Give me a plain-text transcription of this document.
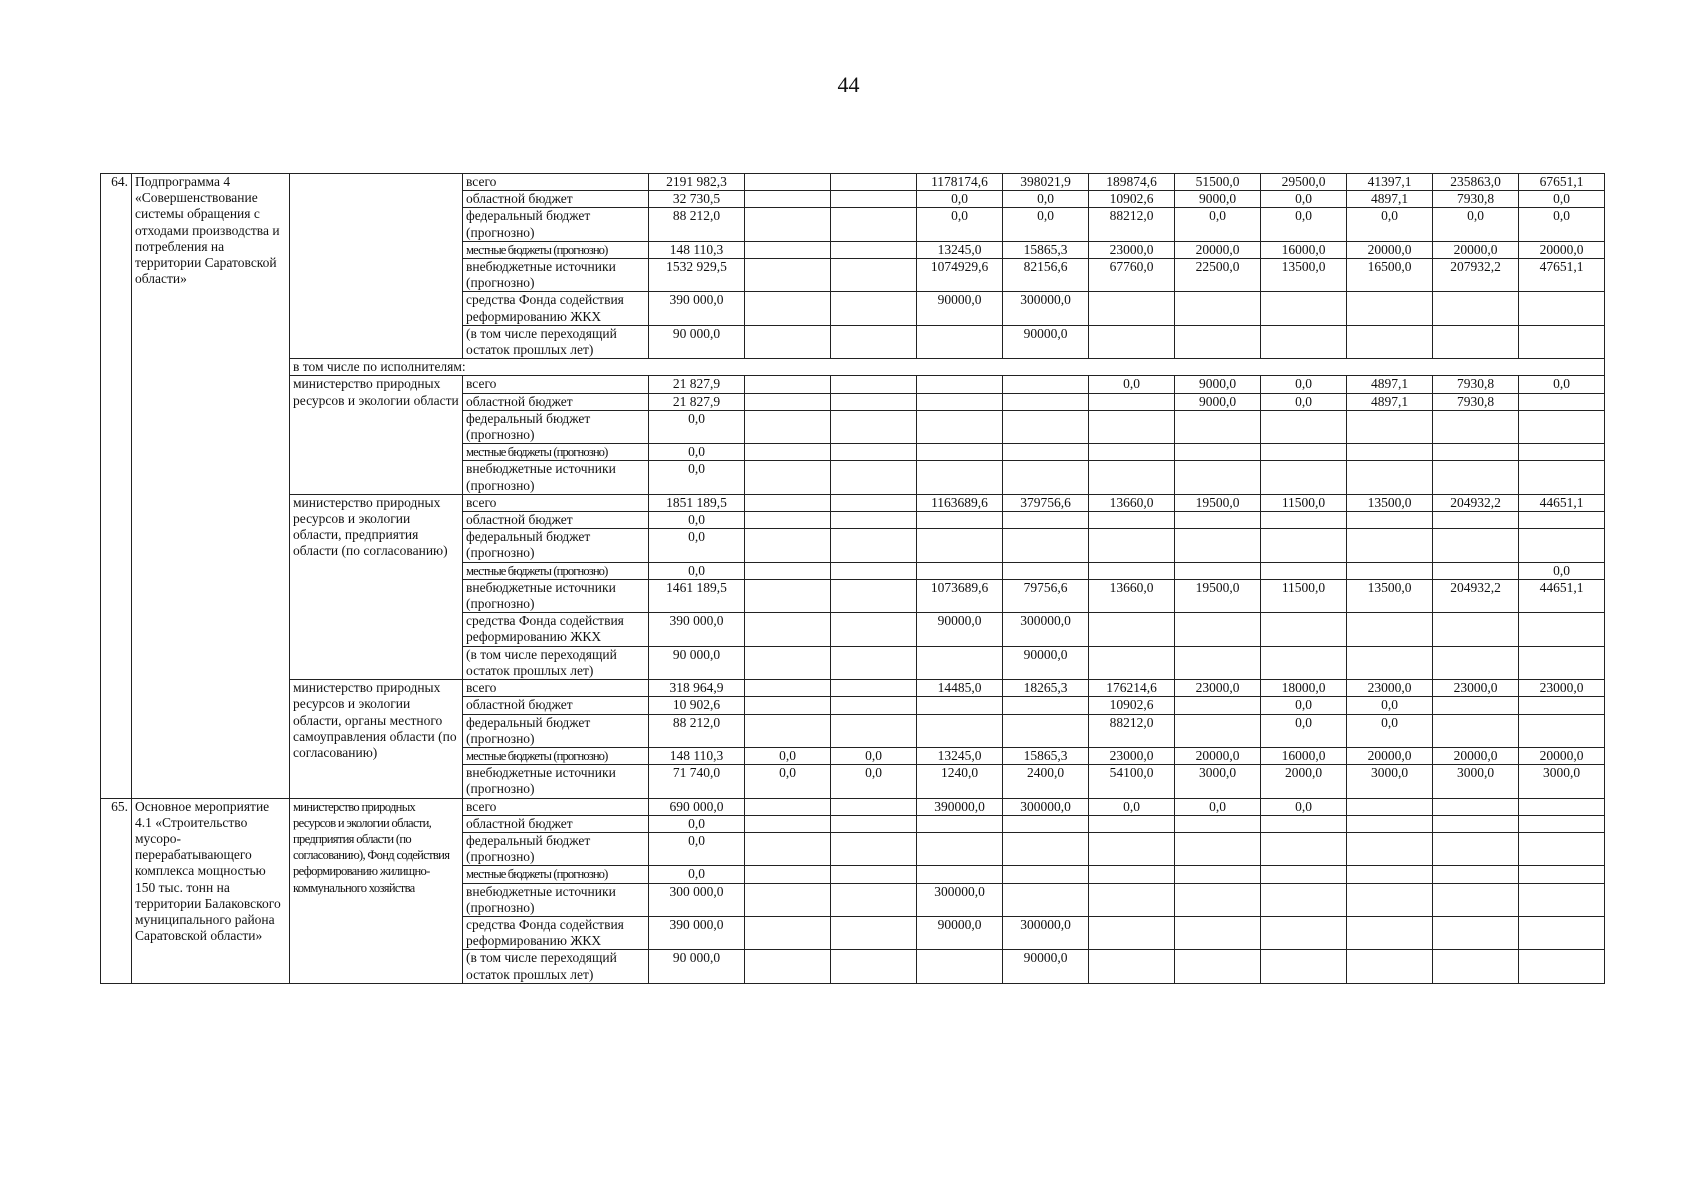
44
64.	Подпрограмма 4 «Совершенствование системы обращения с отходами производства и потребления на территории Саратовской области»		всего	2191 982,3			1178174,6	398021,9	189874,6	51500,0	29500,0	41397,1	235863,0	67651,1
			областной бюджет	32 730,5			0,0	0,0	10902,6	9000,0	0,0	4897,1	7930,8	0,0
			федеральный бюджет (прогнозно)	88 212,0			0,0	0,0	88212,0	0,0	0,0	0,0	0,0	0,0
			местные бюджеты (прогнозно)	148 110,3			13245,0	15865,3	23000,0	20000,0	16000,0	20000,0	20000,0	20000,0
			внебюджетные источники (прогнозно)	1532 929,5			1074929,6	82156,6	67760,0	22500,0	13500,0	16500,0	207932,2	47651,1
			средства Фонда содействия реформированию ЖКХ	390 000,0			90000,0	300000,0						
			(в том числе переходящий остаток прошлых лет)	90 000,0				90000,0						
		в том числе по исполнителям:												
		министерство природных ресурсов и экологии области	всего	21 827,9					0,0	9000,0	0,0	4897,1	7930,8	0,0
			областной бюджет	21 827,9						9000,0	0,0	4897,1	7930,8	
			федеральный бюджет (прогнозно)	0,0										
			местные бюджеты (прогнозно)	0,0										
			внебюджетные источники (прогнозно)	0,0										
		министерство природных ресурсов и экологии области, предприятия области (по согласованию)	всего	1851 189,5			1163689,6	379756,6	13660,0	19500,0	11500,0	13500,0	204932,2	44651,1
			областной бюджет	0,0										
			федеральный бюджет (прогнозно)	0,0										
			местные бюджеты (прогнозно)	0,0										0,0
			внебюджетные источники (прогнозно)	1461 189,5			1073689,6	79756,6	13660,0	19500,0	11500,0	13500,0	204932,2	44651,1
			средства Фонда содействия реформированию ЖКХ	390 000,0			90000,0	300000,0						
			(в том числе переходящий остаток прошлых лет)	90 000,0				90000,0						
		министерство природных ресурсов и экологии области, органы местного самоуправления области (по согласованию)	всего	318 964,9			14485,0	18265,3	176214,6	23000,0	18000,0	23000,0	23000,0	23000,0
			областной бюджет	10 902,6					10902,6		0,0	0,0		
			федеральный бюджет (прогнозно)	88 212,0					88212,0		0,0	0,0		
			местные бюджеты (прогнозно)	148 110,3	0,0	0,0	13245,0	15865,3	23000,0	20000,0	16000,0	20000,0	20000,0	20000,0
			внебюджетные источники (прогнозно)	71 740,0	0,0	0,0	1240,0	2400,0	54100,0	3000,0	2000,0	3000,0	3000,0	3000,0
65.	Основное мероприятие 4.1 «Строительство мусоро-перерабатывающего комплекса мощностью 150 тыс. тонн на территории Балаковского муниципального района Саратовской области»	министерство природных ресурсов и экологии области, предприятия области (по согласованию), Фонд содействия реформированию жилищно-коммунального хозяйства	всего	690 000,0			390000,0	300000,0	0,0	0,0	0,0			
			областной бюджет	0,0										
			федеральный бюджет (прогнозно)	0,0										
			местные бюджеты (прогнозно)	0,0										
			внебюджетные источники (прогнозно)	300 000,0			300000,0							
			средства Фонда содействия реформированию ЖКХ	390 000,0			90000,0	300000,0						
			(в том числе переходящий остаток прошлых лет)	90 000,0				90000,0						
